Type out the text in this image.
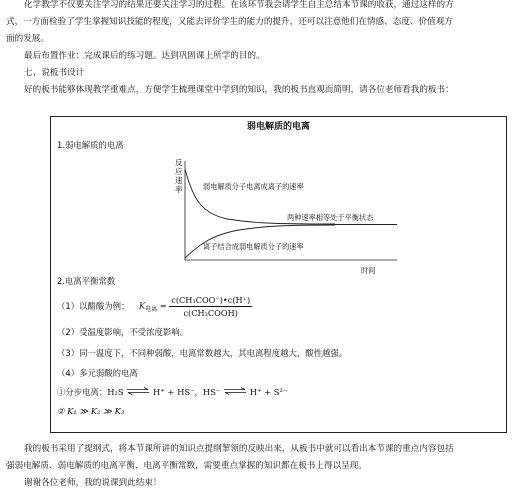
化学教学不仅要关注学习的结果还要关注学习的过程。在该环节我会请学生自主总结本节课的收获，通过这样的方
式，一方面检验了学生掌握知识技能的程度，又能去评价学生的能力的提升，还可以注意他们在情感、态度、价值观方
面的发展。
最后布置作业：完成课后的练习题。达到巩固课上所学的目的。
七、说板书设计
好的板书能够体现教学重难点，方便学生梳理课堂中学到的知识，我的板书直观而简明，请各位老师看我的板书：
弱电解质的电离
1.弱电解质的电离
反
应
速
率	弱电解质分子电离成离子的速率
两种速率相等处于平衡状态
离子结合成弱电解质分子的速率
时间
2.电离平衡常数
（1）以醋酸为例： $K_{电离} = \frac{\text{c(CH₃COO⁻)•c(H⁺)}}{\text{c(CH₃COOH)}}$
（2）受温度影响，不受浓度影响。
（3）同一温度下，不同种弱酸，电离常数越大，其电离程度越大，酸性越强。
（4）多元弱酸的电离
①分步电离：H₂S ⇌ H⁺ + HS⁻，HS⁻ ⇌ H⁺ + S²⁻
② K₁ ≫ K₂ ≫ K₃
我的板书采用了提纲式，将本节课所讲的知识点提纲挈领的反映出来，从板书中就可以看出本节课的重点内容包括
强弱电解质、弱电解质的电离平衡、电离平衡常数，需要重点掌握的知识都在板书上得以呈现。
谢谢各位老师，我的说课到此结束！
